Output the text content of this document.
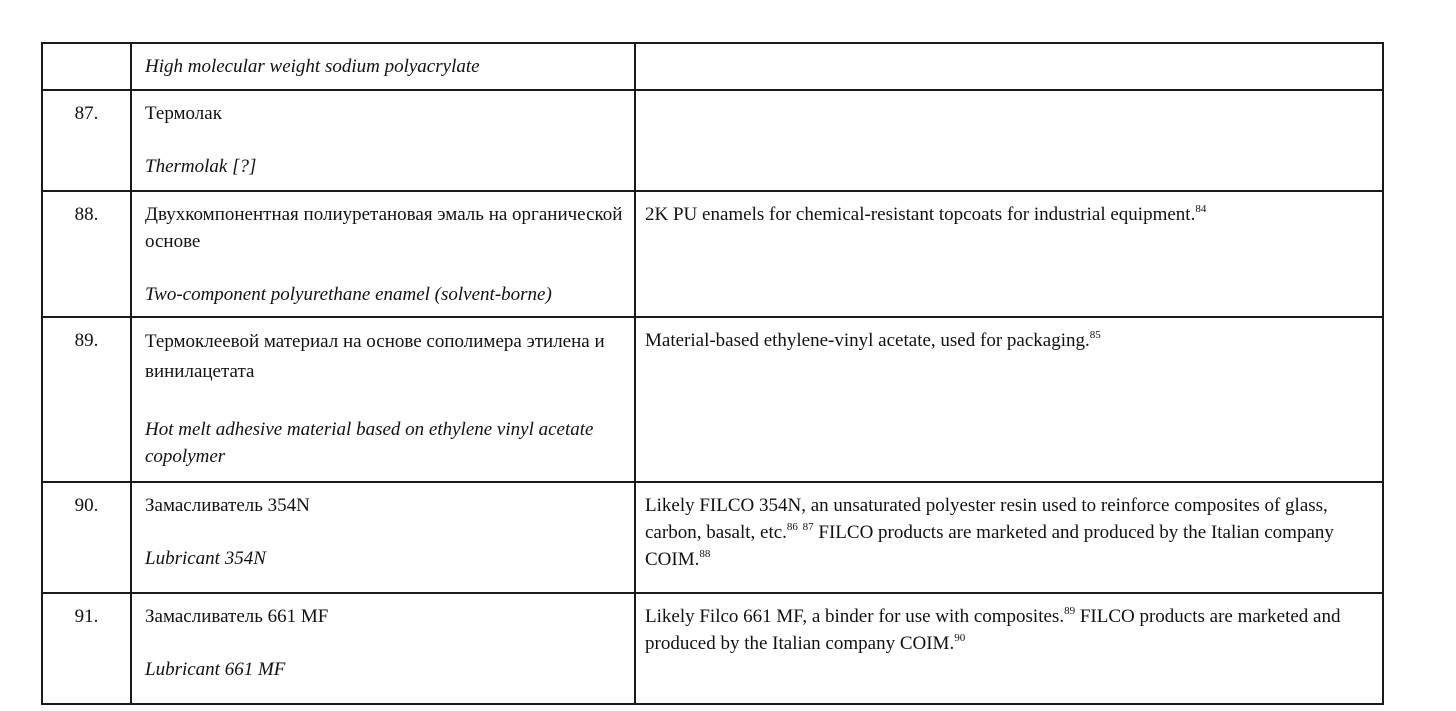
	High molecular weight sodium polyacrylate	

87.	Термолак
Thermolak [?]	

88.	Двухкомпонентная полиуретановая эмаль на органической основе
Two-component polyurethane enamel (solvent-borne)	2K PU enamels for chemical-resistant topcoats for industrial equipment.$^{84}$
89.	Термоклеевой материал на основе сополимера этилена и винилацетата
Hot melt adhesive material based on ethylene vinyl acetate copolymer	Material-based ethylene-vinyl acetate, used for packaging.$^{85}$
90.	Замасливатель 354N
Lubricant 354N	Likely FILCO 354N, an unsaturated polyester resin used to reinforce composites of glass, carbon, basalt, etc.$^{86}$ $^{87}$ FILCO products are marketed and produced by the Italian company COIM.$^{88}$
91.	Замасливатель 661 MF
Lubricant 661 MF	Likely Filco 661 MF, a binder for use with composites.$^{89}$ FILCO products are marketed and produced by the Italian company COIM.$^{90}$
